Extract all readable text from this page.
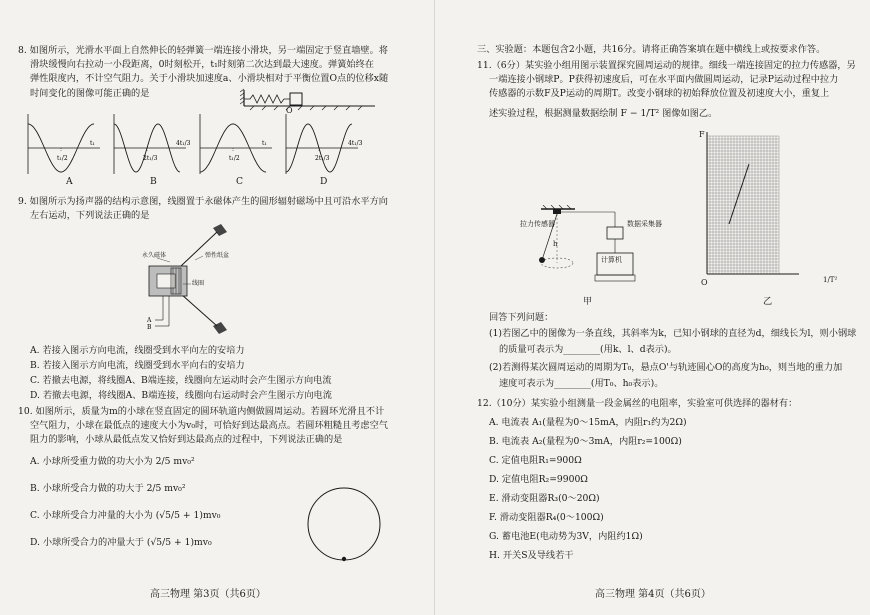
8. 如图所示，光滑水平面上自然伸长的轻弹簧一端连接小滑块，另一端固定于竖直墙壁。将
滑块缓慢向右拉动一小段距离，0时刻松开，t₁时刻第二次达到最大速度。弹簧始终在
弹性限度内，不计空气阻力。关于小滑块加速度a、小滑块相对于平衡位置O点的位移x随
时间变化的图像可能正确的是
O
t₁/2
t₁
2t₁/3
4t₁/3
t₁/2
t₁
2t₁/3
4t₁/3
A	B	C	D
9. 如图所示为扬声器的结构示意图，线圈置于永磁体产生的圆形辐射磁场中且可沿水平方向
左右运动，下列说法正确的是
A
B
永久磁体	弹性纸盆
线圈
A. 若接入图示方向电流，线圈受到水平向左的安培力
B. 若接入图示方向电流，线圈受到水平向右的安培力
C. 若撤去电源，将线圈A、B端连接，线圈向左运动时会产生图示方向电流
D. 若撤去电源，将线圈A、B端连接，线圈向右运动时会产生图示方向电流
10. 如图所示，质量为m的小球在竖直固定的圆环轨道内侧做圆周运动。若圆环光滑且不计
空气阻力，小球在最低点的速度大小为v₀时，可恰好到达最高点。若圆环粗糙且考虑空气
阻力的影响，小球从最低点发又恰好到达最高点的过程中，下列说法正确的是
A. 小球所受重力做的功大小为 2/5 mv₀²
B. 小球所受合力做的功大于 2/5 mv₀²
C. 小球所受合力冲量的大小为 (√5/5 + 1)mv₀
D. 小球所受合力的冲量大于 (√5/5 + 1)mv₀
高三物理 第3页（共6页）
三、实验题：本题包含2小题，共16分。请将正确答案填在题中横线上或按要求作答。
11.（6分）某实验小组用图示装置探究圆周运动的规律。细线一端连接固定的拉力传感器，另
一端连接小钢球P。P获得初速度后，可在水平面内做圆周运动，记录P运动过程中拉力
传感器的示数F及P运动的周期T。改变小钢球的初始释放位置及初速度大小，重复上
述实验过程，根据测量数据绘制 F − 1/T² 图像如图乙。
拉力传感器	数据采集器
计算机
h
甲
F
O	1/T²
乙
回答下列问题：
(1)若图乙中的图像为一条直线，其斜率为k，已知小钢球的直径为d，细线长为l，则小钢球
的质量可表示为________(用k、l、d表示)。
(2)若测得某次圆周运动的周期为T₀，悬点O'与轨迹圆心O的高度为h₀，则当地的重力加
速度可表示为________(用T₀、h₀表示)。
12.（10分）某实验小组测量一段金属丝的电阻率，实验室可供选择的器材有：
A. 电流表 A₁(量程为0～15mA，内阻r₁约为2Ω)
B. 电流表 A₂(量程为0～3mA，内阻r₂=100Ω)
C. 定值电阻R₁=900Ω
D. 定值电阻R₂=9900Ω
E. 滑动变阻器R₃(0～20Ω)
F. 滑动变阻器R₄(0～100Ω)
G. 蓄电池E(电动势为3V，内阻约1Ω)
H. 开关S及导线若干
高三物理 第4页（共6页）
